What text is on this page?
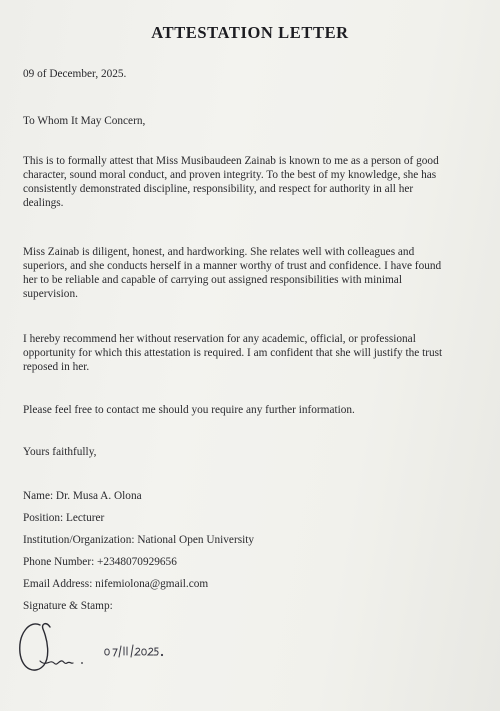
ATTESTATION LETTER
09 of December, 2025.
To Whom It May Concern,
This is to formally attest that Miss Musibaudeen Zainab is known to me as a person of good
character, sound moral conduct, and proven integrity. To the best of my knowledge, she has
consistently demonstrated discipline, responsibility, and respect for authority in all her
dealings.
Miss Zainab is diligent, honest, and hardworking. She relates well with colleagues and
superiors, and she conducts herself in a manner worthy of trust and confidence. I have found
her to be reliable and capable of carrying out assigned responsibilities with minimal
supervision.
I hereby recommend her without reservation for any academic, official, or professional
opportunity for which this attestation is required. I am confident that she will justify the trust
reposed in her.
Please feel free to contact me should you require any further information.
Yours faithfully,
Name: Dr. Musa A. Olona
Position: Lecturer
Institution/Organization: National Open University
Phone Number: +2348070929656
Email Address: nifemiolona@gmail.com
Signature & Stamp:
